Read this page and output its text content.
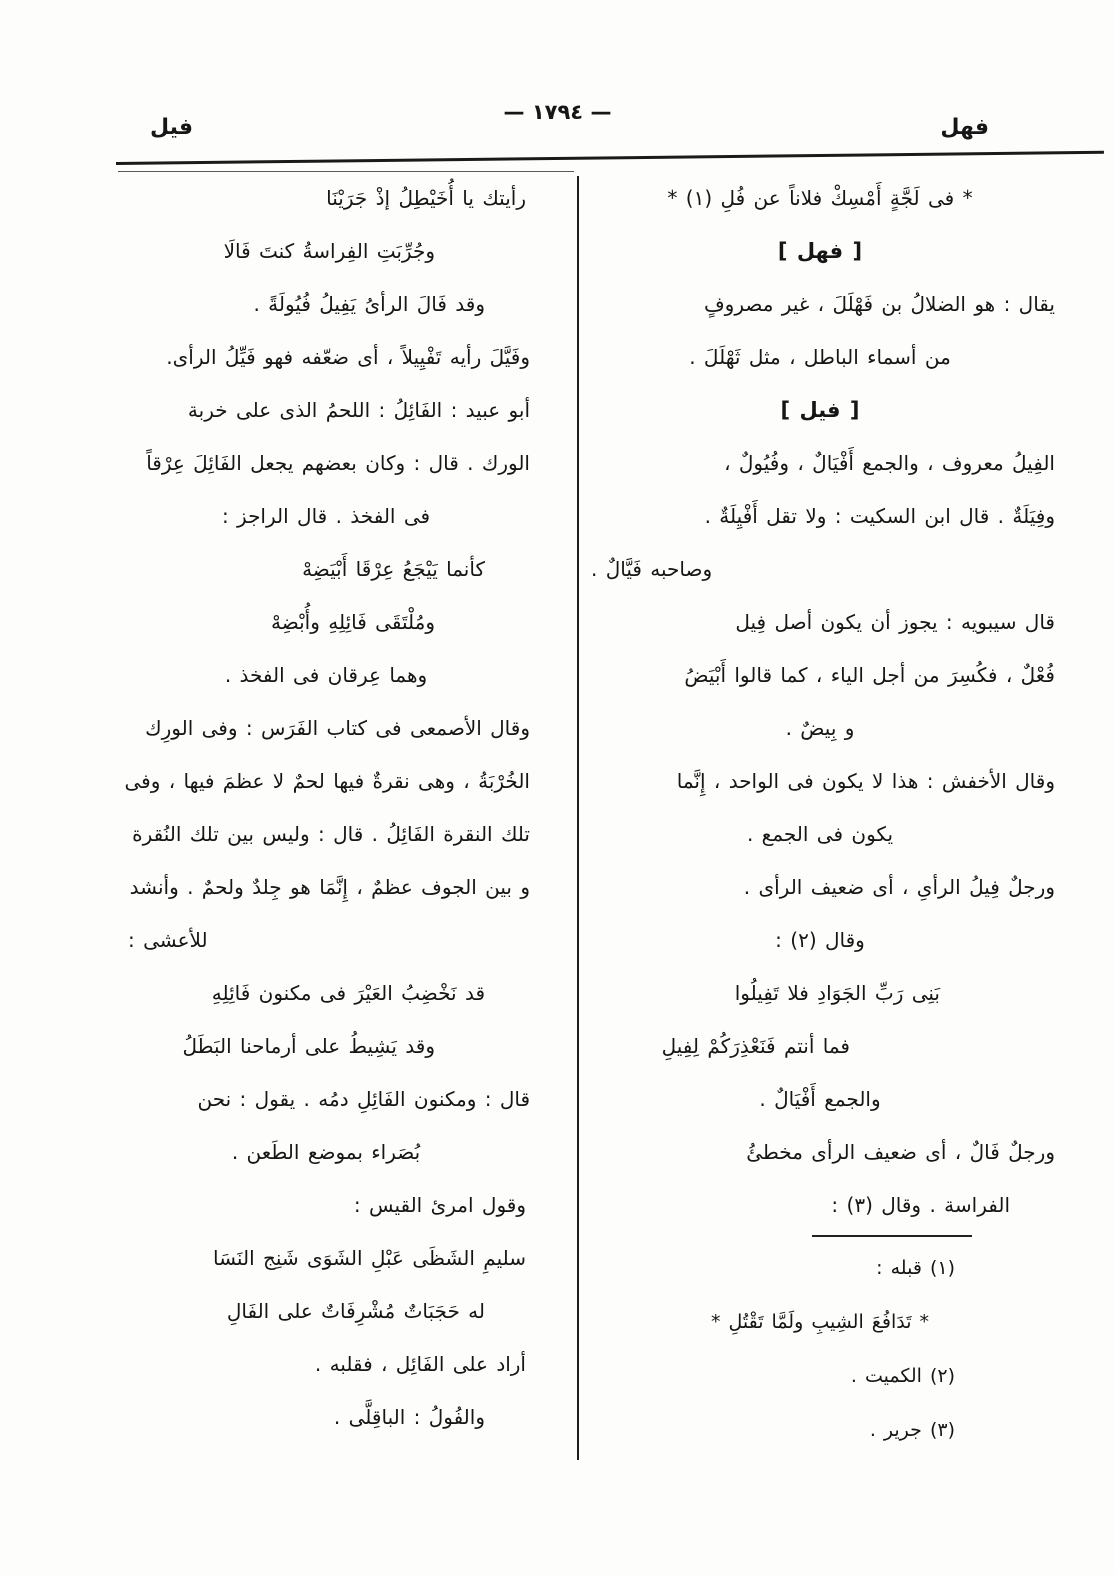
فيل
— ١٧٩٤ —
فهل
* فى لَجَّةٍ أَمْسِكْ فلاناً عن فُلِ (١) *
[ فهل ]
يقال : هو الضلالُ بن فَهْلَلَ ، غير مصروفٍ
من أسماء الباطل ، مثل ثَهْلَلَ .
[ فيل ]
الفِيلُ معروف ، والجمع أَفْيَالٌ ، وفُيُولٌ ،
وفِيَلَةٌ . قال ابن السكيت : ولا تقل أَفْيِلَةٌ .
وصاحبه فَيَّالٌ .
قال سيبويه : يجوز أن يكون أصل فِيل
فُعْلٌ ، فكُسِرَ من أجل الياء ، كما قالوا أَبْيَضُ
و بِيضٌ .
وقال الأخفش : هذا لا يكون فى الواحد ، إِنَّما
يكون فى الجمع .
ورجلٌ فِيلُ الرأىِ ، أى ضعيف الرأى .
وقال (٢) :
بَنِى رَبِّ الجَوَادِ فلا تَفِيلُوا
فما أنتم فَنَعْذِرَكُمْ لِفِيلِ
والجمع أَفْيَالٌ .
ورجلٌ فَالٌ ، أى ضعيف الرأى مخطئُ
الفراسة . وقال (٣) :
(١) قبله :
* تَدَافُعَ الشِيبِ ولَمَّا تَقْتُلِ *
(٢) الكميت .
(٣) جرير .
رأيتك يا أُخَيْطِلُ إذْ جَرَيْنَا
وجُرِّبَتِ الفِراسةُ كنتَ فَالَا
وقد فَالَ الرأىُ يَفِيلُ فُيُولَةً .
وفَيَّلَ رأيه تَفْيِيلاً ، أى ضعّفه فهو فَيِّلُ الرأى.
أبو عبيد : الفَائِلُ : اللحمُ الذى على خربة
الورك . قال : وكان بعضهم يجعل الفَائِلَ عِرْقاً
فى الفخذ . قال الراجز :
كأنما يَيْجَعُ عِرْقَا أَبْيَضِهْ
ومُلْتَقَى فَائِلِهِ وأُبْضِهْ
وهما عِرقان فى الفخذ .
وقال الأصمعى فى كتاب الفَرَس : وفى الورِك
الخُرْبَةُ ، وهى نقرةٌ فيها لحمٌ لا عظمَ فيها ، وفى
تلك النقرة الفَائِلُ . قال : وليس بين تلك النُقرة
و بين الجوف عظمٌ ، إِنَّمَا هو جِلدٌ ولحمٌ . وأنشد
للأعشى :
قد نَخْضِبُ العَيْرَ فى مكنون فَائِلِهِ
وقد يَشِيطُ على أرماحنا البَطَلُ
قال : ومكنون الفَائِلِ دمُه . يقول : نحن
بُصَراء بموضع الطَعن .
وقول امرئ القيس :
سليمِ الشَظَى عَبْلِ الشَوَى شَنِج النَسَا
له حَجَبَاتٌ مُشْرِفَاتٌ على الفَالِ
أراد على الفَائِل ، فقلبه .
والفُولُ : الباقِلَّى .
